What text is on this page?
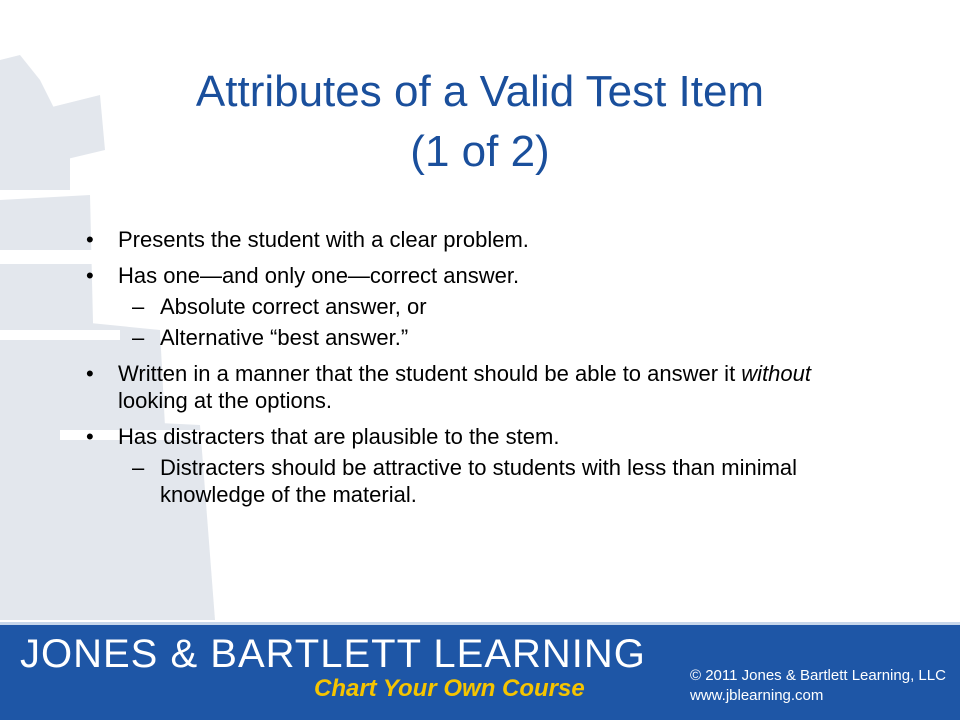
Attributes of a Valid Test Item
(1 of 2)
• Presents the student with a clear problem.
• Has one—and only one—correct answer.
– Absolute correct answer, or
– Alternative “best answer.”
• Written in a manner that the student should be able to answer it without looking at the options.
• Has distracters that are plausible to the stem.
– Distracters should be attractive to students with less than minimal knowledge of the material.
JONES & BARTLETT LEARNING
Chart Your Own Course	© 2011 Jones & Bartlett Learning, LLC
www.jblearning.com
